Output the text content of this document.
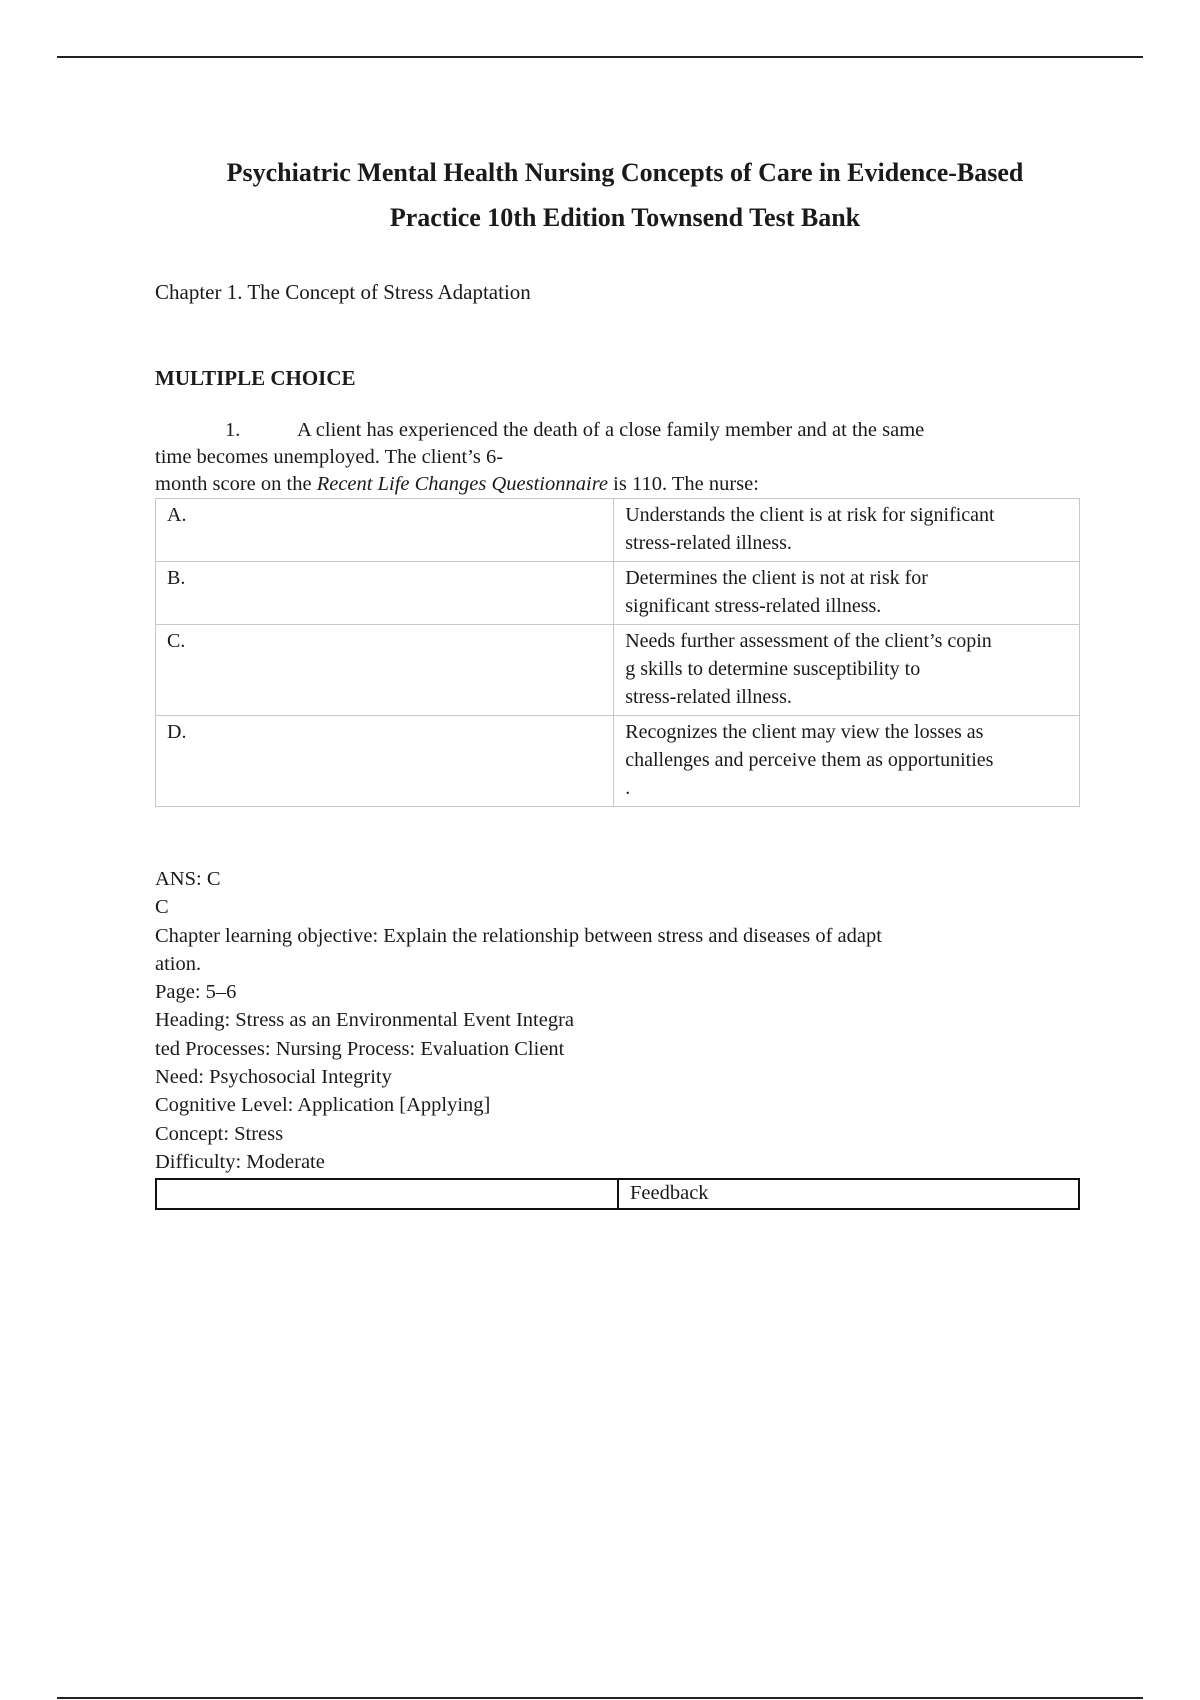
Psychiatric Mental Health Nursing Concepts of Care in Evidence-Based
Practice 10th Edition Townsend Test Bank

Chapter 1. The Concept of Stress Adaptation

MULTIPLE CHOICE

1.	A client has experienced the death of a close family member and at the same
time becomes unemployed. The client’s 6-
month score on the Recent Life Changes Questionnaire is 110. The nurse:
A.	Understands the client is at risk for significant
stress-related illness.
B.	Determines the client is not at risk for
significant stress-related illness.
C.	Needs further assessment of the client’s copin
g skills to determine susceptibility to
stress-related illness.
D.	Recognizes the client may view the losses as
challenges and perceive them as opportunities
.
ANS: C
C
Chapter learning objective: Explain the relationship between stress and diseases of adapt
ation.
Page: 5–6
Heading: Stress as an Environmental Event Integra
ted Processes: Nursing Process: Evaluation Client
Need: Psychosocial Integrity
Cognitive Level: Application [Applying]
Concept: Stress
Difficulty: Moderate
	Feedback
